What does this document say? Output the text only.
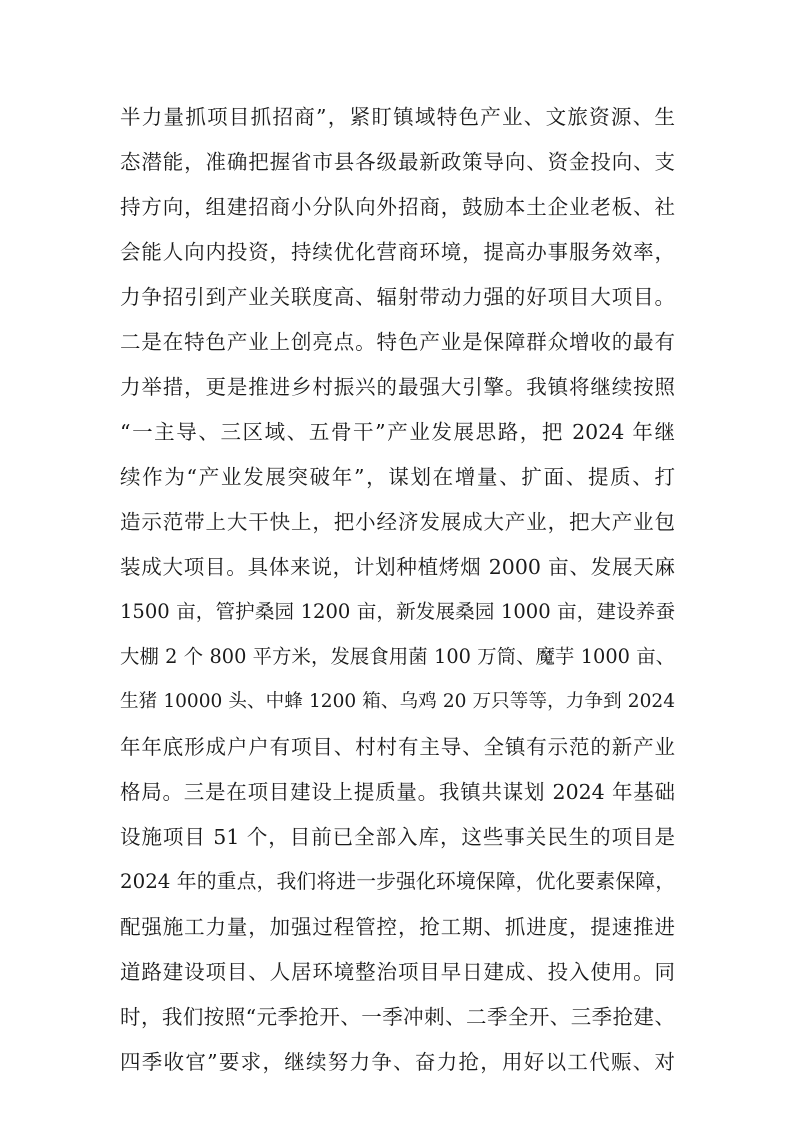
半力量抓项目抓招商”，紧盯镇域特色产业、文旅资源、生
态潜能，准确把握省市县各级最新政策导向、资金投向、支
持方向，组建招商小分队向外招商，鼓励本土企业老板、社
会能人向内投资，持续优化营商环境，提高办事服务效率，
力争招引到产业关联度高、辐射带动力强的好项目大项目。
二是在特色产业上创亮点。特色产业是保障群众增收的最有
力举措，更是推进乡村振兴的最强大引擎。我镇将继续按照
“一主导、三区域、五骨干”产业发展思路，把 2024 年继
续作为“产业发展突破年”，谋划在增量、扩面、提质、打
造示范带上大干快上，把小经济发展成大产业，把大产业包
装成大项目。具体来说，计划种植烤烟 2000 亩、发展天麻
1500 亩，管护桑园 1200 亩，新发展桑园 1000 亩，建设养蚕
大棚 2 个 800 平方米，发展食用菌 100 万筒、魔芋 1000 亩、
生猪 10000 头、中蜂 1200 箱、乌鸡 20 万只等等，力争到 2024
年年底形成户户有项目、村村有主导、全镇有示范的新产业
格局。三是在项目建设上提质量。我镇共谋划 2024 年基础
设施项目 51 个，目前已全部入库，这些事关民生的项目是
2024 年的重点，我们将进一步强化环境保障，优化要素保障，
配强施工力量，加强过程管控，抢工期、抓进度，提速推进
道路建设项目、人居环境整治项目早日建成、投入使用。同
时，我们按照“元季抢开、一季冲刺、二季全开、三季抢建、
四季收官”要求，继续努力争、奋力抢，用好以工代赈、对
